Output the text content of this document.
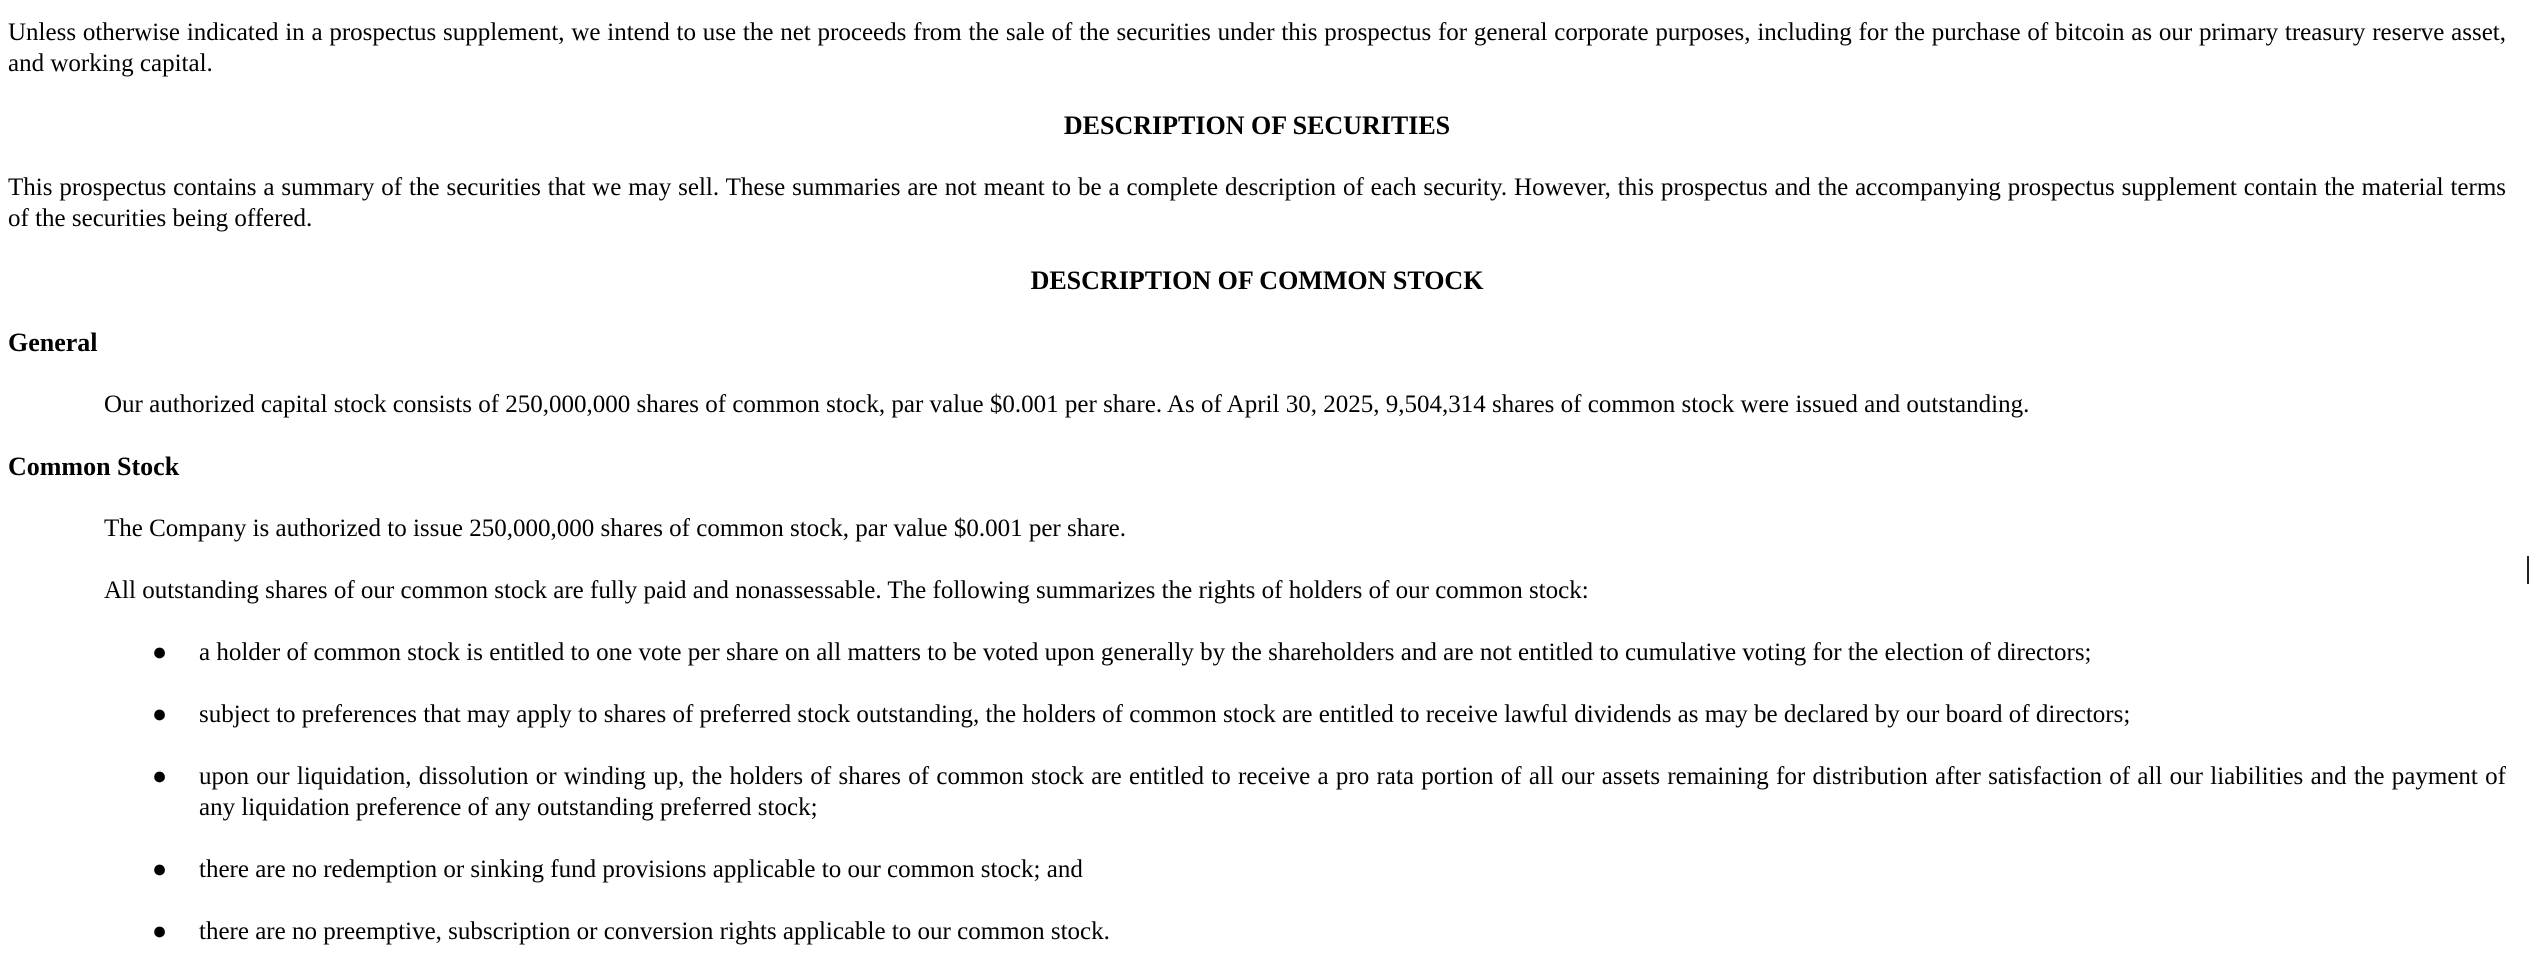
Unless otherwise indicated in a prospectus supplement, we intend to use the net proceeds from the sale of the securities under this prospectus for general corporate purposes, including for the purchase of bitcoin as our primary treasury reserve asset, and working capital.

DESCRIPTION OF SECURITIES

This prospectus contains a summary of the securities that we may sell. These summaries are not meant to be a complete description of each security. However, this prospectus and the accompanying prospectus supplement contain the material terms of the securities being offered.

DESCRIPTION OF COMMON STOCK

General

Our authorized capital stock consists of 250,000,000 shares of common stock, par value $0.001 per share. As of April 30, 2025, 9,504,314 shares of common stock were issued and outstanding.

Common Stock

The Company is authorized to issue 250,000,000 shares of common stock, par value $0.001 per share.

All outstanding shares of our common stock are fully paid and nonassessable. The following summarizes the rights of holders of our common stock:

● a holder of common stock is entitled to one vote per share on all matters to be voted upon generally by the shareholders and are not entitled to cumulative voting for the election of directors;
● subject to preferences that may apply to shares of preferred stock outstanding, the holders of common stock are entitled to receive lawful dividends as may be declared by our board of directors;
● upon our liquidation, dissolution or winding up, the holders of shares of common stock are entitled to receive a pro rata portion of all our assets remaining for distribution after satisfaction of all our liabilities and the payment of any liquidation preference of any outstanding preferred stock;
● there are no redemption or sinking fund provisions applicable to our common stock; and
● there are no preemptive, subscription or conversion rights applicable to our common stock.
